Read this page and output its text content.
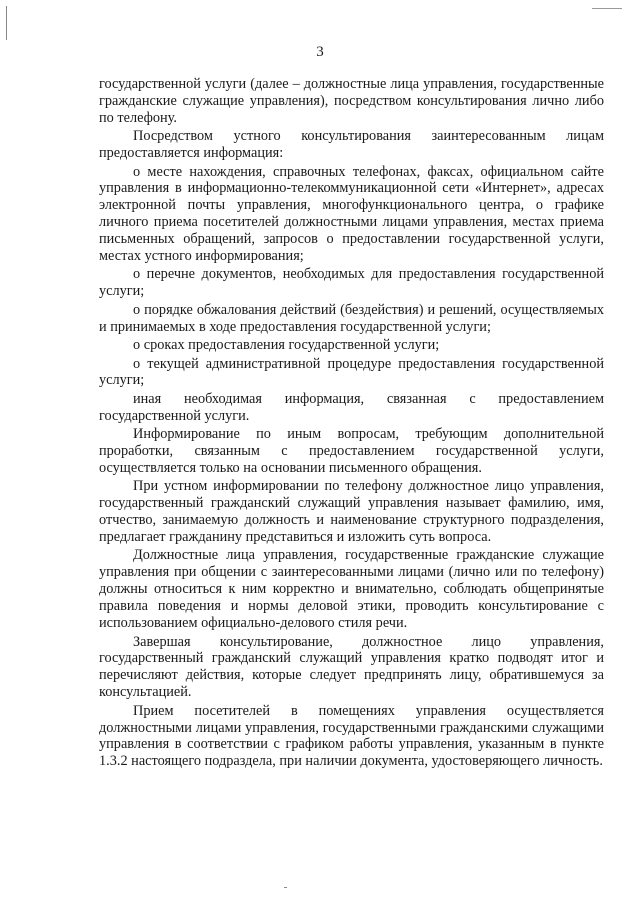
3

государственной услуги (далее – должностные лица управления, государственные гражданские служащие управления), посредством консультирования лично либо по телефону.

Посредством устного консультирования заинтересованным лицам предоставляется информация:

о месте нахождения, справочных телефонах, факсах, официальном сайте управления в информационно-телекоммуникационной сети «Интернет», адресах электронной почты управления, многофункционального центра, о графике личного приема посетителей должностными лицами управления, местах приема письменных обращений, запросов о предоставлении государственной услуги, местах устного информирования;

о перечне документов, необходимых для предоставления государственной услуги;

о порядке обжалования действий (бездействия) и решений, осуществляемых и принимаемых в ходе предоставления государственной услуги;

о сроках предоставления государственной услуги;

о текущей административной процедуре предоставления государственной услуги;

иная необходимая информация, связанная с предоставлением государственной услуги.

Информирование по иным вопросам, требующим дополнительной проработки, связанным с предоставлением государственной услуги, осуществляется только на основании письменного обращения.

При устном информировании по телефону должностное лицо управления, государственный гражданский служащий управления называет фамилию, имя, отчество, занимаемую должность и наименование структурного подразделения, предлагает гражданину представиться и изложить суть вопроса.

Должностные лица управления, государственные гражданские служащие управления при общении с заинтересованными лицами (лично или по телефону) должны относиться к ним корректно и внимательно, соблюдать общепринятые правила поведения и нормы деловой этики, проводить консультирование с использованием официально-делового стиля речи.

Завершая консультирование, должностное лицо управления, государственный гражданский служащий управления кратко подводят итог и перечисляют действия, которые следует предпринять лицу, обратившемуся за консультацией.

Прием посетителей в помещениях управления осуществляется должностными лицами управления, государственными гражданскими служащими управления в соответствии с графиком работы управления, указанным в пункте 1.3.2 настоящего подраздела, при наличии документа, удостоверяющего личность.
